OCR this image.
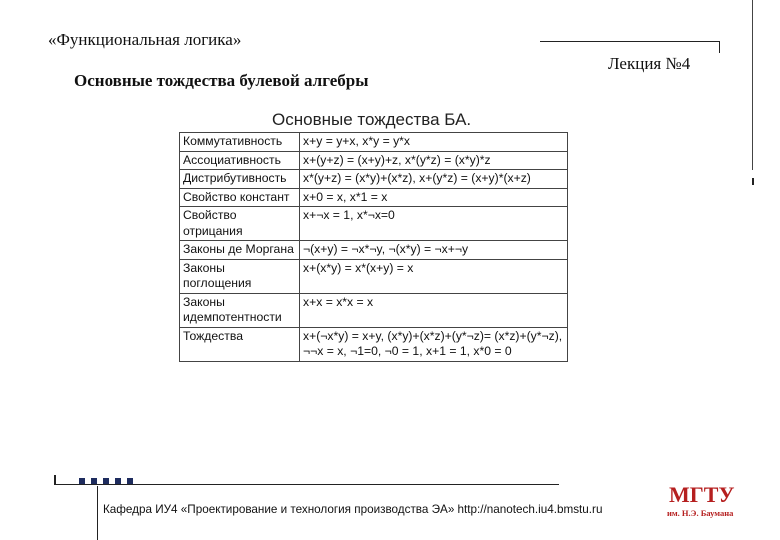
«Функциональная логика»
Лекция №4
Основные тождества булевой алгебры
Основные тождества БА.
Коммутативность	x+y = y+x, x*y = y*x
Ассоциативность	x+(y+z) = (x+y)+z, x*(y*z) = (x*y)*z
Дистрибутивность	x*(y+z) = (x*y)+(x*z), x+(y*z) = (x+y)*(x+z)
Свойство констант	x+0 = x, x*1 = x
Свойство отрицания	x+¬x = 1, x*¬x=0
Законы де Моргана	¬(x+y) = ¬x*¬y, ¬(x*y) = ¬x+¬y
Законы поглощения	x+(x*y) = x*(x+y) = x
Законы идемпотентности	x+x = x*x = x
Тождества	x+(¬x*y) = x+y, (x*y)+(x*z)+(y*¬z)= (x*z)+(y*¬z), ¬¬x = x, ¬1=0, ¬0 = 1, x+1 = 1, x*0 = 0
Кафедра ИУ4 «Проектирование и технология производства ЭА» http://nanotech.iu4.bmstu.ru
МГТУ
им. Н.Э. Баумана
